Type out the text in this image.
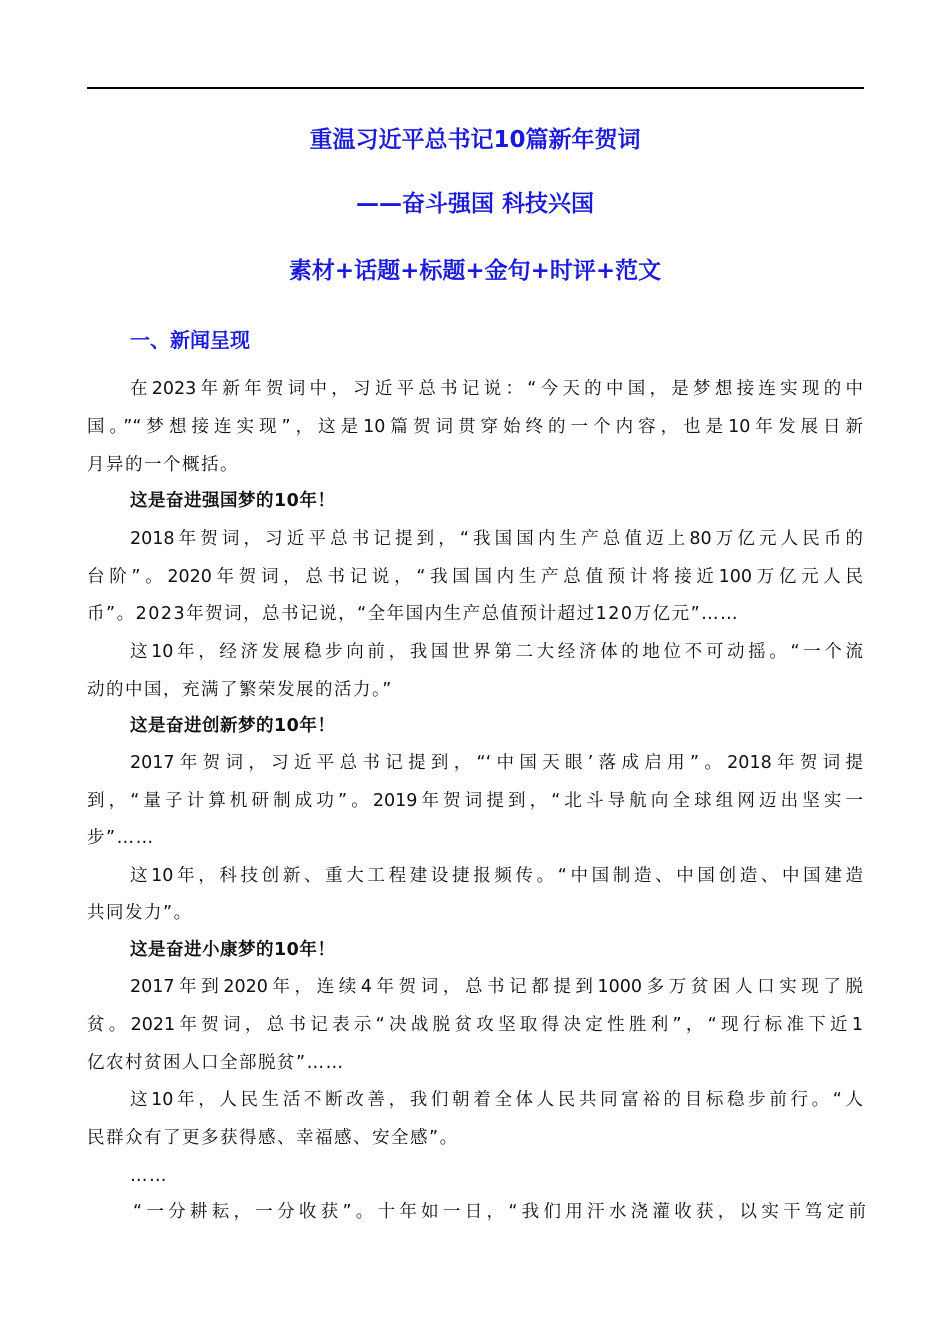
重温习近平总书记10篇新年贺词
——奋斗强国 科技兴国
素材+话题+标题+金句+时评+范文
一、新闻呈现
在2023年新年贺词中，习近平总书记说：“今天的中国，是梦想接连实现的中
国。”“梦想接连实现”，这是10篇贺词贯穿始终的一个内容，也是10年发展日新
月异的一个概括。
这是奋进强国梦的10年！
2018年贺词，习近平总书记提到，“我国国内生产总值迈上80万亿元人民币的
台阶”。2020年贺词，总书记说，“我国国内生产总值预计将接近100万亿元人民
币”。2023年贺词，总书记说，“全年国内生产总值预计超过120万亿元”……
这10年，经济发展稳步向前，我国世界第二大经济体的地位不可动摇。“一个流
动的中国，充满了繁荣发展的活力。”
这是奋进创新梦的10年！
2017年贺词，习近平总书记提到，“‘中国天眼’落成启用”。2018年贺词提
到，“量子计算机研制成功”。2019年贺词提到，“北斗导航向全球组网迈出坚实一
步”……
这10年，科技创新、重大工程建设捷报频传。“中国制造、中国创造、中国建造
共同发力”。
这是奋进小康梦的10年！
2017年到2020年，连续4年贺词，总书记都提到1000多万贫困人口实现了脱
贫。2021年贺词，总书记表示“决战脱贫攻坚取得决定性胜利”，“现行标准下近1
亿农村贫困人口全部脱贫”……
这10年，人民生活不断改善，我们朝着全体人民共同富裕的目标稳步前行。“人
民群众有了更多获得感、幸福感、安全感”。
……
“一分耕耘，一分收获”。十年如一日，“我们用汗水浇灌收获，以实干笃定前
